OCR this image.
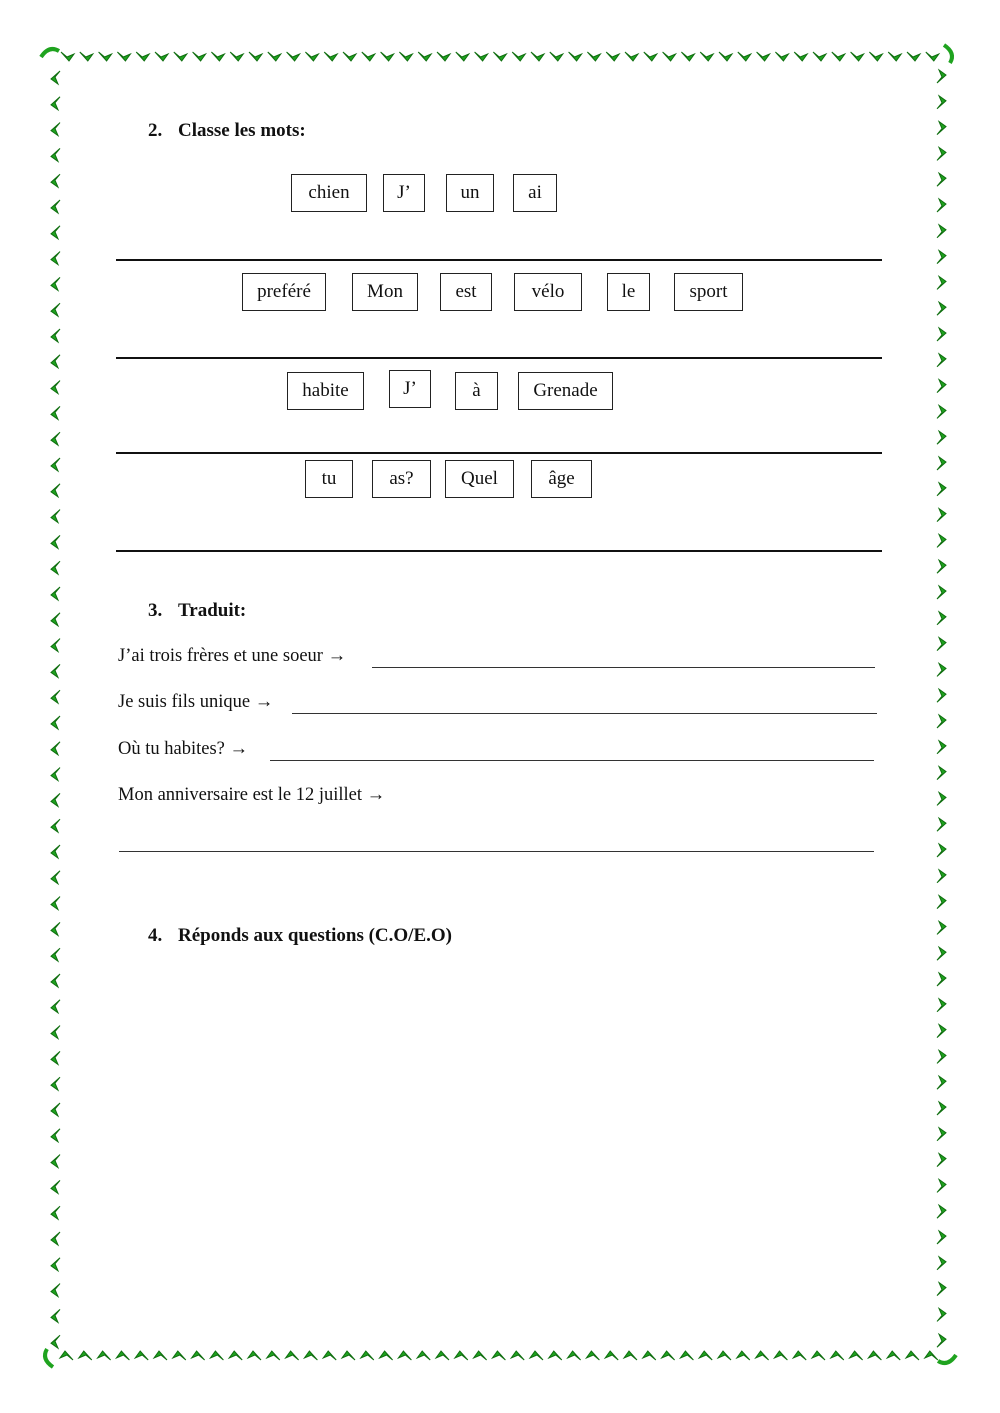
2. Classe les mots:
chien	J’	un	ai
preféré	Mon	est	vélo	le	sport
habite	J’	à	Grenade
tu	as?	Quel	âge
3. Traduit:
J’ai trois frères et une soeur →
Je suis fils unique →
Où tu habites? →
Mon anniversaire est le 12 juillet →
4. Réponds aux questions (C.O/E.O)
